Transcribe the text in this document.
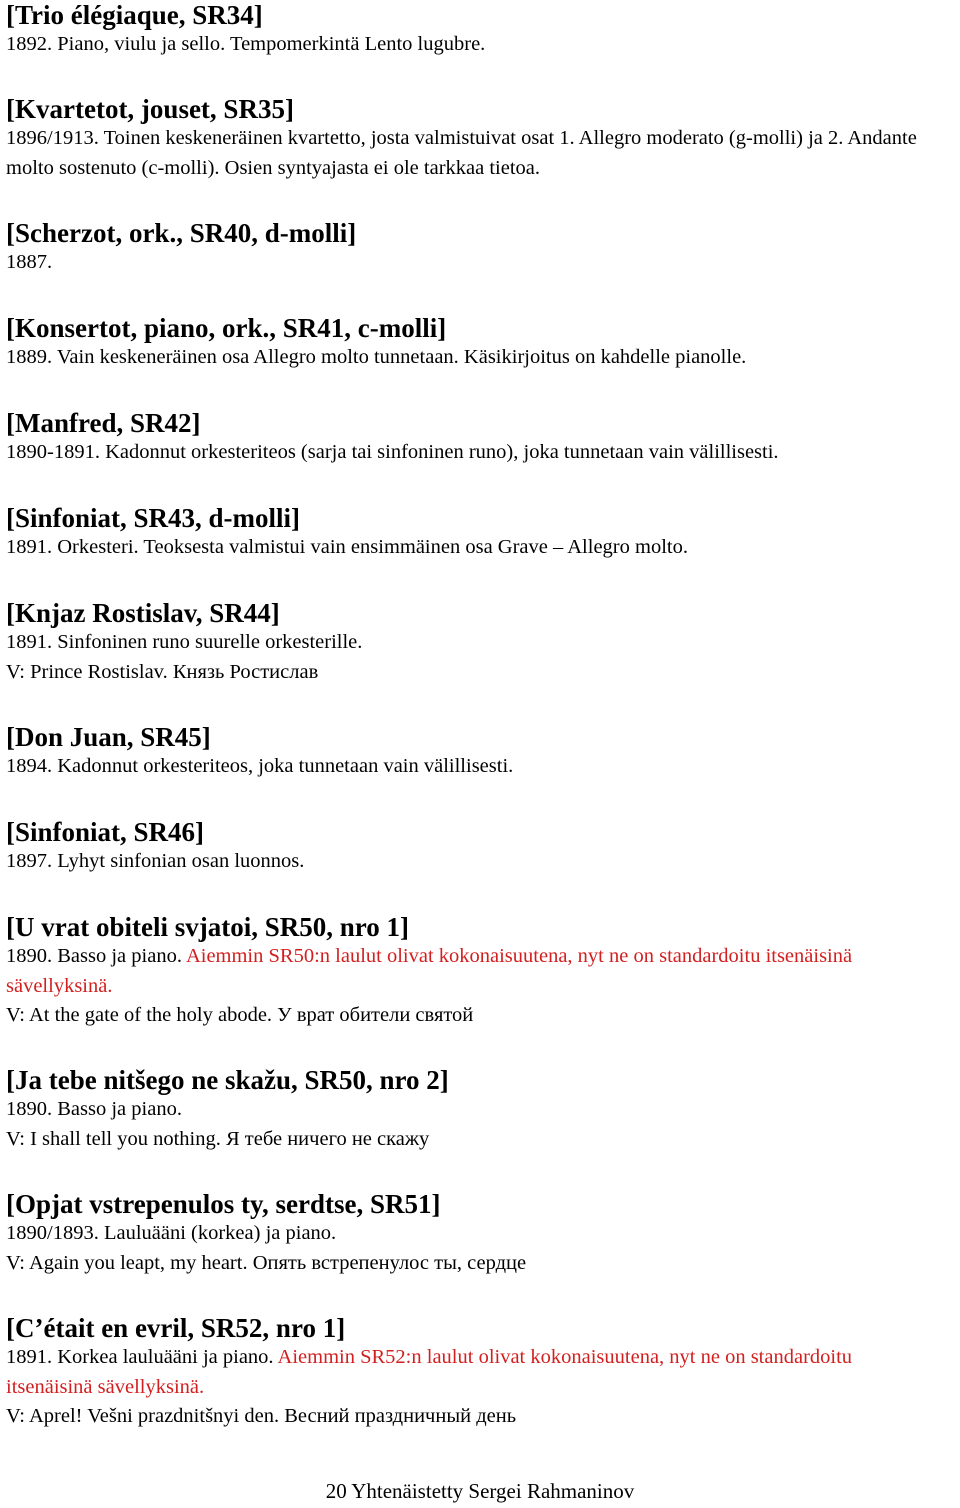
[Trio élégiaque, SR34]

1892. Piano, viulu ja sello. Tempomerkintä Lento lugubre.

[Kvartetot, jouset, SR35]

1896/1913. Toinen keskeneräinen kvartetto, josta valmistuivat osat 1. Allegro moderato (g-molli) ja 2. Andante molto sostenuto (c-molli). Osien syntyajasta ei ole tarkkaa tietoa.

[Scherzot, ork., SR40, d-molli]

1887.

[Konsertot, piano, ork., SR41, c-molli]

1889. Vain keskeneräinen osa Allegro molto tunnetaan. Käsikirjoitus on kahdelle pianolle.

[Manfred, SR42]

1890-1891. Kadonnut orkesteriteos (sarja tai sinfoninen runo), joka tunnetaan vain välillisesti.

[Sinfoniat, SR43, d-molli]

1891. Orkesteri. Teoksesta valmistui vain ensimmäinen osa Grave – Allegro molto.

[Knjaz Rostislav, SR44]

1891. Sinfoninen runo suurelle orkesterille.

V: Prince Rostislav. Князь Ростислав

[Don Juan, SR45]

1894. Kadonnut orkesteriteos, joka tunnetaan vain välillisesti.

[Sinfoniat, SR46]

1897. Lyhyt sinfonian osan luonnos.

[U vrat obiteli svjatoi, SR50, nro 1]

1890. Basso ja piano. Aiemmin SR50:n laulut olivat kokonaisuutena, nyt ne on standardoitu itsenäisinä sävellyksinä.

V: At the gate of the holy abode. У врат обители святой

[Ja tebe nitšego ne skažu, SR50, nro 2]

1890. Basso ja piano.

V: I shall tell you nothing. Я тебе ничего не скажу

[Opjat vstrepenulos ty, serdtse, SR51]

1890/1893. Lauluääni (korkea) ja piano.

V: Again you leapt, my heart. Опять встрепенулос ты, сердце

[C’était en evril, SR52, nro 1]

1891. Korkea lauluääni ja piano. Aiemmin SR52:n laulut olivat kokonaisuutena, nyt ne on standardoitu itsenäisinä sävellyksinä.

V: Aprel! Vešni prazdnitšnyi den. Весний праздничный день

20 Yhtenäistetty Sergei Rahmaninov
